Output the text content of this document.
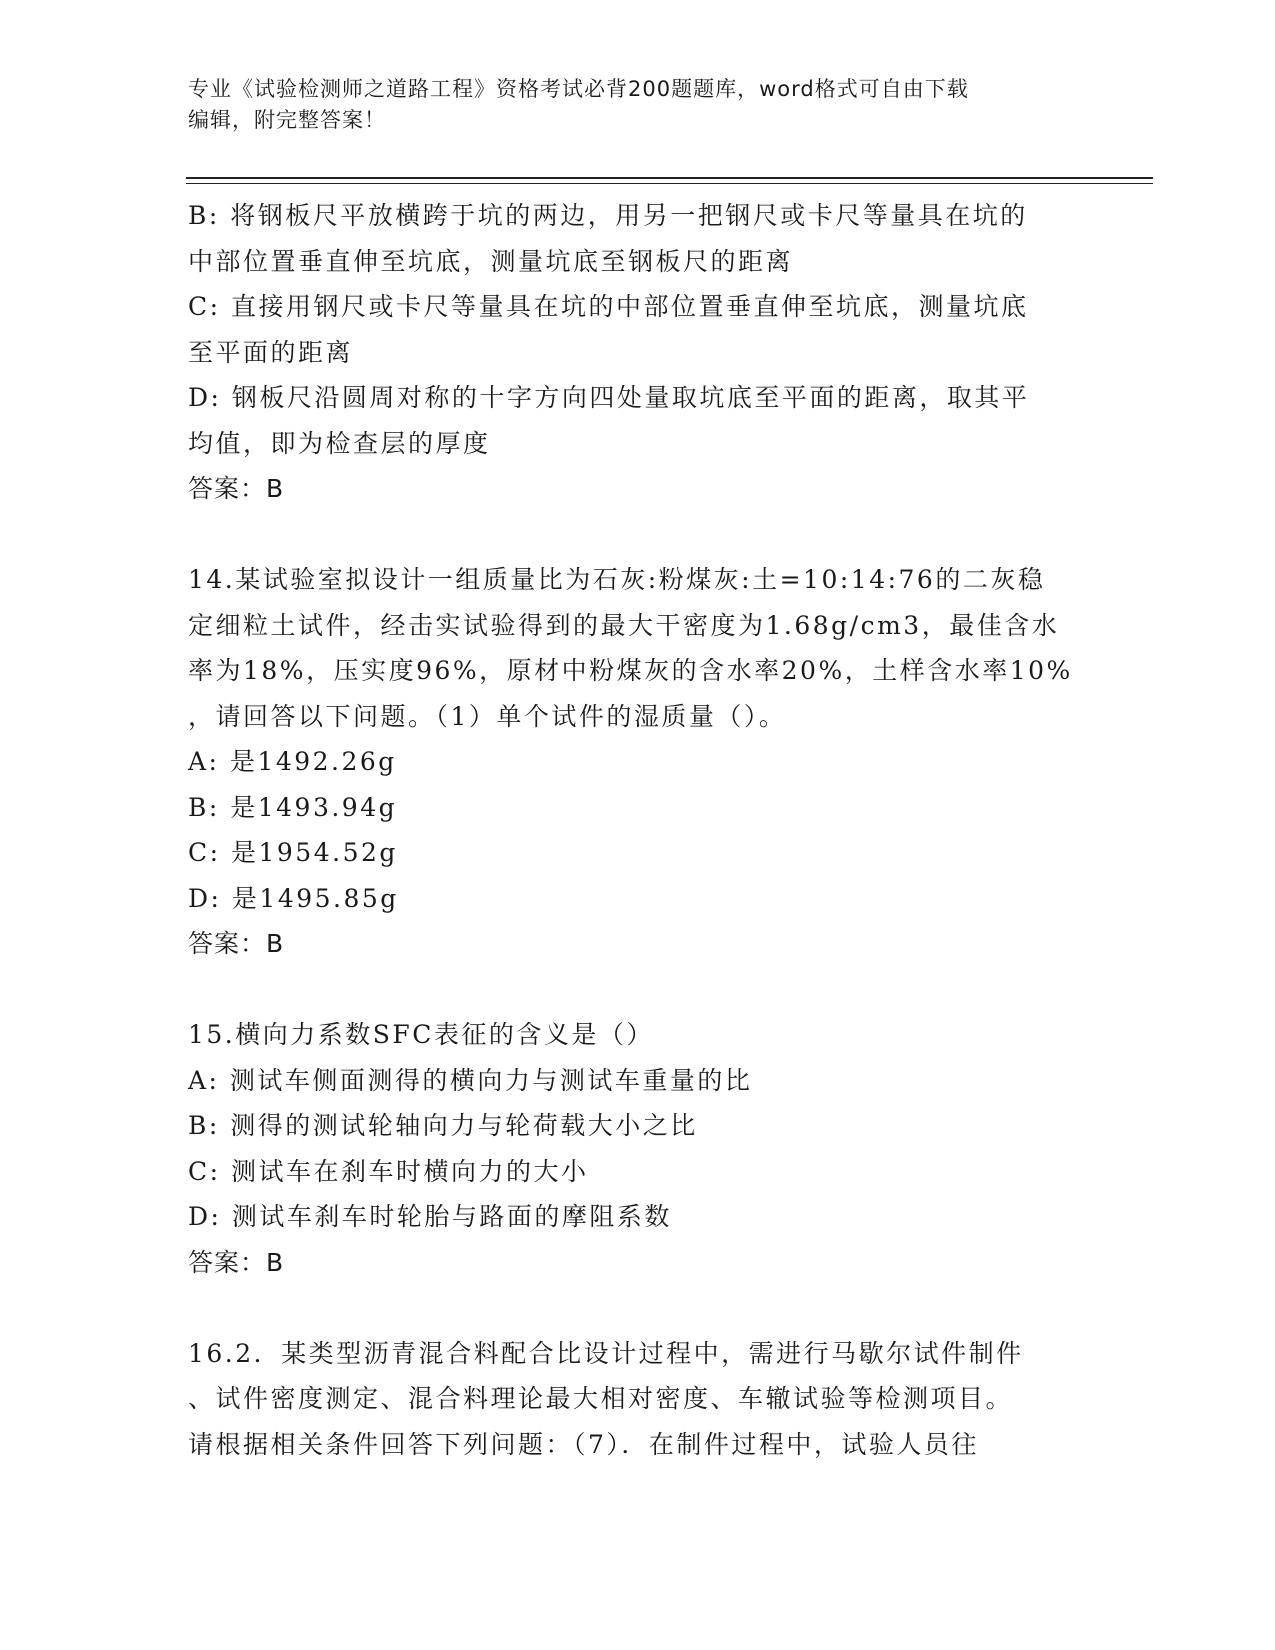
专业《试验检测师之道路工程》资格考试必背200题题库，word格式可自由下载
编辑，附完整答案！
B: 将钢板尺平放横跨于坑的两边，用另一把钢尺或卡尺等量具在坑的
中部位置垂直伸至坑底，测量坑底至钢板尺的距离
C: 直接用钢尺或卡尺等量具在坑的中部位置垂直伸至坑底，测量坑底
至平面的距离
D: 钢板尺沿圆周对称的十字方向四处量取坑底至平面的距离，取其平
均值，即为检查层的厚度
答案：B
14.某试验室拟设计一组质量比为石灰:粉煤灰:土=10:14:76的二灰稳
定细粒土试件，经击实试验得到的最大干密度为1.68g/cm3，最佳含水
率为18%，压实度96%，原材中粉煤灰的含水率20%，土样含水率10%
，请回答以下问题。（1）单个试件的湿质量（）。
A: 是1492.26g
B: 是1493.94g
C: 是1954.52g
D: 是1495.85g
答案：B
15.横向力系数SFC表征的含义是（）
A: 测试车侧面测得的横向力与测试车重量的比
B: 测得的测试轮轴向力与轮荷载大小之比
C: 测试车在刹车时横向力的大小
D: 测试车刹车时轮胎与路面的摩阻系数
答案：B
16.2．某类型沥青混合料配合比设计过程中，需进行马歇尔试件制件
、试件密度测定、混合料理论最大相对密度、车辙试验等检测项目。
请根据相关条件回答下列问题：（7）．在制件过程中，试验人员往
